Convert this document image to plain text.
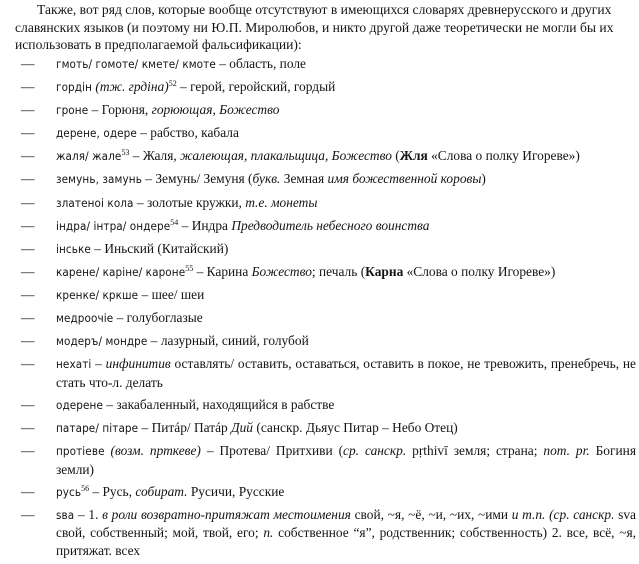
Также, вот ряд слов, которые вообще отсутствуют в имеющихся словарях древнерусского и других
славянских языков (и поэтому ни Ю.П. Миролюбов, и никто другой даже теоретически не могли бы их
использовать в предполагаемой фальсификации):
— гмоть/ гомоте/ кмете/ кмоте – область, поле
— гордін (тж. грдіна)$^{52}$ – герой, геройский, гордый
— гроне – Горюня, горюющая, Божество
— дерене, одере – рабство, кабала
— жаля/ жале$^{53}$ – Жаля, жалеющая, плакальщица, Божество (Жля «Слова о полку Игореве»)
— земунь, замунь – Земунь/ Земуня (букв. Земная имя божественной коровы)
— златеноі кола – золотые кружки, т.е. монеты
— індра/ інтра/ ондере$^{54}$ – Индра Предводитель небесного воинства
— інське – Иньский (Китайский)
— карене/ каріне/ кароне$^{55}$ – Карина Божество; печаль (Карна «Слова о полку Игореве»)
— кренке/ кркше – шее/ шеи
— медроочіе – голубоглазые
— модеръ/ мондре – лазурный, синий, голубой
— нехаті – инфинитив оставлять/ оставить, оставаться, оставить в покое, не тревожить, пренебречь, не стать что-л. делать
— одерене – закабаленный, находящийся в рабстве
— патаре/ пітаре – Питáр/ Патáр Дий (санскр. Дьяус Питар – Небо Отец)
— протіеве (возм. прткеве) – Протева/ Притхиви (ср. санскр. pṛthivī земля; страна; пот. pr. Богиня земли)
— русь$^{56}$ – Русь, собират. Русичи, Русские
— ѕва – 1. в роли возвратно-притяжат местоимения свой, ~я, ~ё, ~и, ~их, ~ими и т.п. (ср. санскр. sva свой, собственный; мой, твой, его; n. собственное “я”, родственник; собственность) 2. все, всё, ~я, притяжат. всех
